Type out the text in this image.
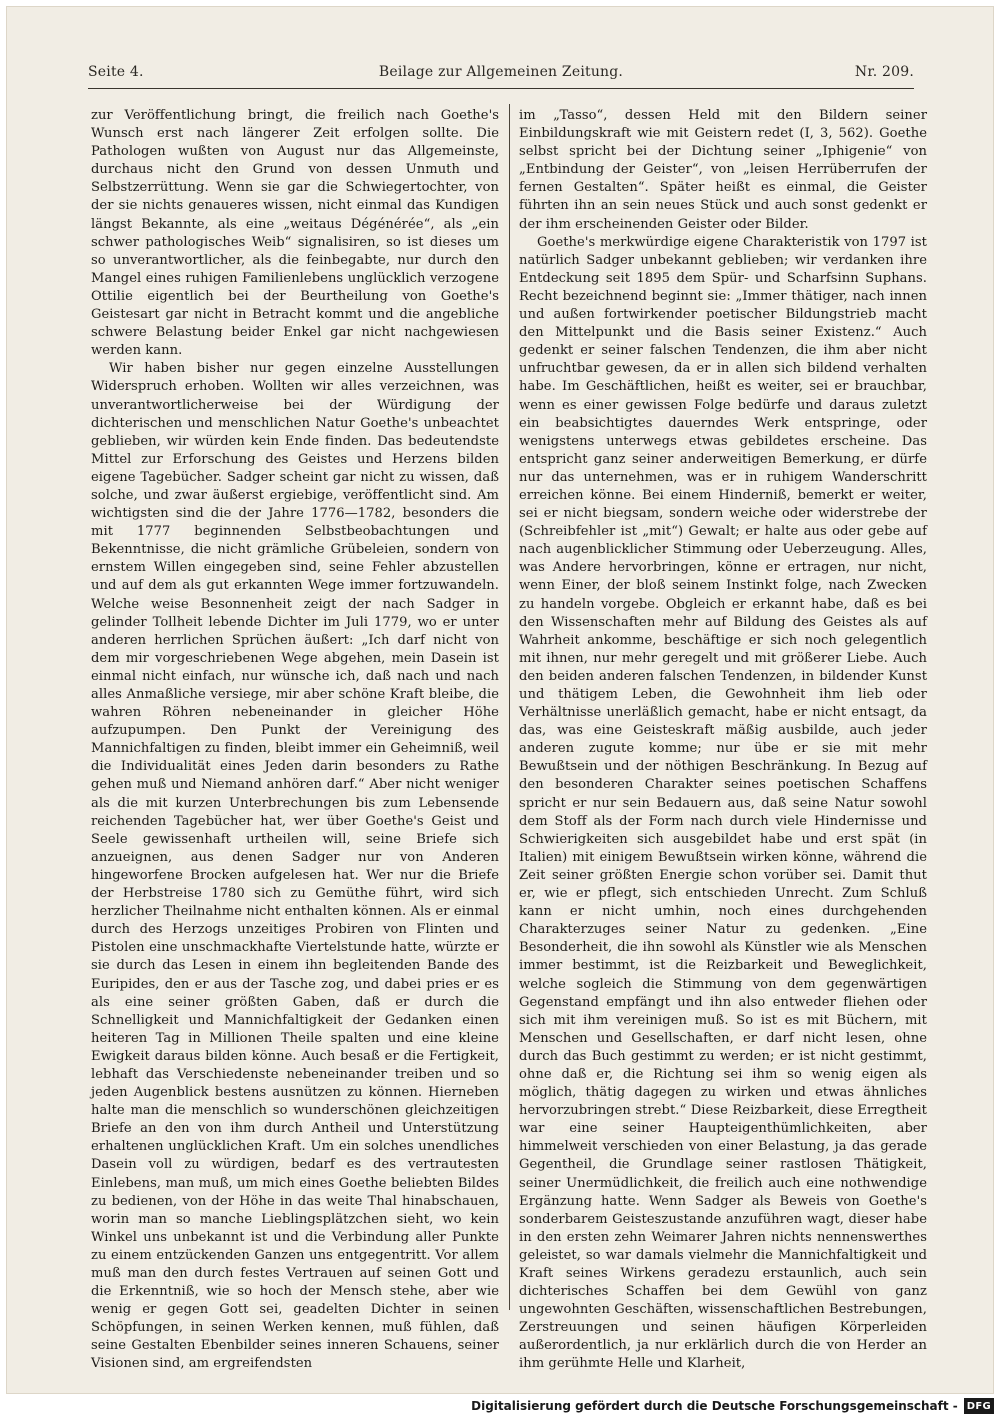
Seite 4.	Beilage zur Allgemeinen Zeitung.	Nr. 209.

zur Veröffentlichung bringt, die freilich nach Goethe's Wunsch erst nach längerer Zeit erfolgen sollte. Die Pathologen wußten von August nur das Allgemeinste, durchaus nicht den Grund von dessen Unmuth und Selbstzerrüttung. Wenn sie gar die Schwiegertochter, von der sie nichts genaueres wissen, nicht einmal das Kundigen längst Bekannte, als eine „weitaus Dégénérée“, als „ein schwer pathologisches Weib“ signalisiren, so ist dieses um so unverantwortlicher, als die feinbegabte, nur durch den Mangel eines ruhigen Familienlebens unglücklich verzogene Ottilie eigentlich bei der Beurtheilung von Goethe's Geistesart gar nicht in Betracht kommt und die angebliche schwere Belastung beider Enkel gar nicht nachgewiesen werden kann.

Wir haben bisher nur gegen einzelne Ausstellungen Widerspruch erhoben. Wollten wir alles verzeichnen, was unverantwortlicherweise bei der Würdigung der dichterischen und menschlichen Natur Goethe's unbeachtet geblieben, wir würden kein Ende finden. Das bedeutendste Mittel zur Erforschung des Geistes und Herzens bilden eigene Tagebücher. Sadger scheint gar nicht zu wissen, daß solche, und zwar äußerst ergiebige, veröffentlicht sind. Am wichtigsten sind die der Jahre 1776—1782, besonders die mit 1777 beginnenden Selbstbeobachtungen und Bekenntnisse, die nicht grämliche Grübeleien, sondern von ernstem Willen eingegeben sind, seine Fehler abzustellen und auf dem als gut erkannten Wege immer fortzuwandeln. Welche weise Besonnenheit zeigt der nach Sadger in gelinder Tollheit lebende Dichter im Juli 1779, wo er unter anderen herrlichen Sprüchen äußert: „Ich darf nicht von dem mir vorgeschriebenen Wege abgehen, mein Dasein ist einmal nicht einfach, nur wünsche ich, daß nach und nach alles Anmaßliche versiege, mir aber schöne Kraft bleibe, die wahren Röhren nebeneinander in gleicher Höhe aufzupumpen. Den Punkt der Vereinigung des Mannichfaltigen zu finden, bleibt immer ein Geheimniß, weil die Individualität eines Jeden darin besonders zu Rathe gehen muß und Niemand anhören darf.“ Aber nicht weniger als die mit kurzen Unterbrechungen bis zum Lebensende reichenden Tagebücher hat, wer über Goethe's Geist und Seele gewissenhaft urtheilen will, seine Briefe sich anzueignen, aus denen Sadger nur von Anderen hingeworfene Brocken aufgelesen hat. Wer nur die Briefe der Herbstreise 1780 sich zu Gemüthe führt, wird sich herzlicher Theilnahme nicht enthalten können. Als er einmal durch des Herzogs unzeitiges Probiren von Flinten und Pistolen eine unschmackhafte Viertelstunde hatte, würzte er sie durch das Lesen in einem ihn begleitenden Bande des Euripides, den er aus der Tasche zog, und dabei pries er es als eine seiner größten Gaben, daß er durch die Schnelligkeit und Mannichfaltigkeit der Gedanken einen heiteren Tag in Millionen Theile spalten und eine kleine Ewigkeit daraus bilden könne. Auch besaß er die Fertigkeit, lebhaft das Verschiedenste nebeneinander treiben und so jeden Augenblick bestens ausnützen zu können. Hierneben halte man die menschlich so wunderschönen gleichzeitigen Briefe an den von ihm durch Antheil und Unterstützung erhaltenen unglücklichen Kraft. Um ein solches unendliches Dasein voll zu würdigen, bedarf es des vertrautesten Einlebens, man muß, um mich eines Goethe beliebten Bildes zu bedienen, von der Höhe in das weite Thal hinabschauen, worin man so manche Lieblingsplätzchen sieht, wo kein Winkel uns unbekannt ist und die Verbindung aller Punkte zu einem entzückenden Ganzen uns entgegentritt. Vor allem muß man den durch festes Vertrauen auf seinen Gott und die Erkenntniß, wie so hoch der Mensch stehe, aber wie wenig er gegen Gott sei, geadelten Dichter in seinen Schöpfungen, in seinen Werken kennen, muß fühlen, daß seine Gestalten Ebenbilder seines inneren Schauens, seiner Visionen sind, am ergreifendsten

im „Tasso“, dessen Held mit den Bildern seiner Einbildungskraft wie mit Geistern redet (I, 3, 562). Goethe selbst spricht bei der Dichtung seiner „Iphigenie“ von „Entbindung der Geister“, von „leisen Herrüberrufen der fernen Gestalten“. Später heißt es einmal, die Geister führten ihn an sein neues Stück und auch sonst gedenkt er der ihm erscheinenden Geister oder Bilder.

Goethe's merkwürdige eigene Charakteristik von 1797 ist natürlich Sadger unbekannt geblieben; wir verdanken ihre Entdeckung seit 1895 dem Spür- und Scharfsinn Suphans. Recht bezeichnend beginnt sie: „Immer thätiger, nach innen und außen fortwirkender poetischer Bildungstrieb macht den Mittelpunkt und die Basis seiner Existenz.“ Auch gedenkt er seiner falschen Tendenzen, die ihm aber nicht unfruchtbar gewesen, da er in allen sich bildend verhalten habe. Im Geschäftlichen, heißt es weiter, sei er brauchbar, wenn es einer gewissen Folge bedürfe und daraus zuletzt ein beabsichtigtes dauerndes Werk entspringe, oder wenigstens unterwegs etwas gebildetes erscheine. Das entspricht ganz seiner anderweitigen Bemerkung, er dürfe nur das unternehmen, was er in ruhigem Wanderschritt erreichen könne. Bei einem Hinderniß, bemerkt er weiter, sei er nicht biegsam, sondern weiche oder widerstrebe der (Schreibfehler ist „mit“) Gewalt; er halte aus oder gebe auf nach augenblicklicher Stimmung oder Ueberzeugung. Alles, was Andere hervorbringen, könne er ertragen, nur nicht, wenn Einer, der bloß seinem Instinkt folge, nach Zwecken zu handeln vorgebe. Obgleich er erkannt habe, daß es bei den Wissenschaften mehr auf Bildung des Geistes als auf Wahrheit ankomme, beschäftige er sich noch gelegentlich mit ihnen, nur mehr geregelt und mit größerer Liebe. Auch den beiden anderen falschen Tendenzen, in bildender Kunst und thätigem Leben, die Gewohnheit ihm lieb oder Verhältnisse unerläßlich gemacht, habe er nicht entsagt, da das, was eine Geisteskraft mäßig ausbilde, auch jeder anderen zugute komme; nur übe er sie mit mehr Bewußtsein und der nöthigen Beschränkung. In Bezug auf den besonderen Charakter seines poetischen Schaffens spricht er nur sein Bedauern aus, daß seine Natur sowohl dem Stoff als der Form nach durch viele Hindernisse und Schwierigkeiten sich ausgebildet habe und erst spät (in Italien) mit einigem Bewußtsein wirken könne, während die Zeit seiner größten Energie schon vorüber sei. Damit thut er, wie er pflegt, sich entschieden Unrecht. Zum Schluß kann er nicht umhin, noch eines durchgehenden Charakterzuges seiner Natur zu gedenken. „Eine Besonderheit, die ihn sowohl als Künstler wie als Menschen immer bestimmt, ist die Reizbarkeit und Beweglichkeit, welche sogleich die Stimmung von dem gegenwärtigen Gegenstand empfängt und ihn also entweder fliehen oder sich mit ihm vereinigen muß. So ist es mit Büchern, mit Menschen und Gesellschaften, er darf nicht lesen, ohne durch das Buch gestimmt zu werden; er ist nicht gestimmt, ohne daß er, die Richtung sei ihm so wenig eigen als möglich, thätig dagegen zu wirken und etwas ähnliches hervorzubringen strebt.“ Diese Reizbarkeit, diese Erregtheit war eine seiner Haupteigenthümlichkeiten, aber himmelweit verschieden von einer Belastung, ja das gerade Gegentheil, die Grundlage seiner rastlosen Thätigkeit, seiner Unermüdlichkeit, die freilich auch eine nothwendige Ergänzung hatte. Wenn Sadger als Beweis von Goethe's sonderbarem Geisteszustande anzuführen wagt, dieser habe in den ersten zehn Weimarer Jahren nichts nennenswerthes geleistet, so war damals vielmehr die Mannichfaltigkeit und Kraft seines Wirkens geradezu erstaunlich, auch sein dichterisches Schaffen bei dem Gewühl von ganz ungewohnten Geschäften, wissenschaftlichen Bestrebungen, Zerstreuungen und seinen häufigen Körperleiden außerordentlich, ja nur erklärlich durch die von Herder an ihm gerühmte Helle und Klarheit,

Digitalisierung gefördert durch die Deutsche Forschungsgemeinschaft - DFG
